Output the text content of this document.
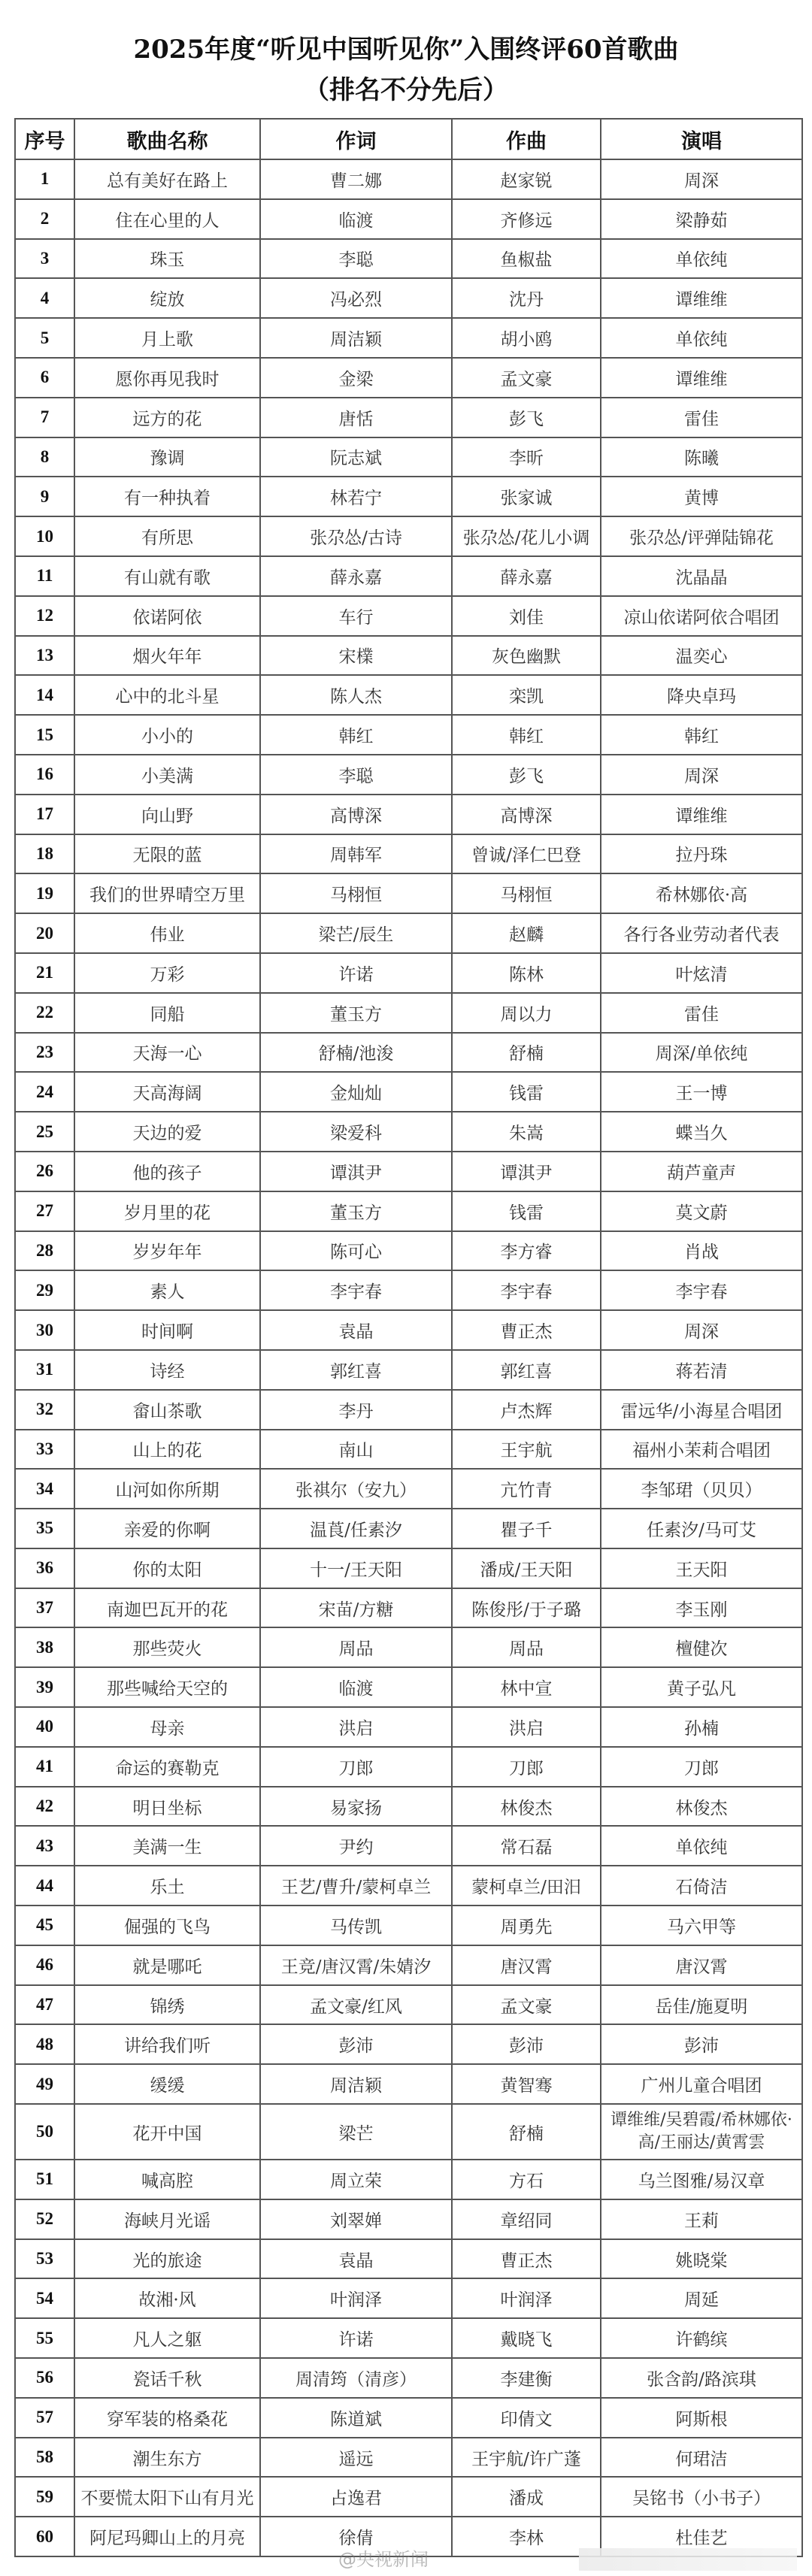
2025年度“听见中国听见你”入围终评60首歌曲
（排名不分先后）
序号	歌曲名称	作词	作曲	演唱
1	总有美好在路上	曹二娜	赵家锐	周深
2	住在心里的人	临渡	齐修远	梁静茹
3	珠玉	李聪	鱼椒盐	单依纯
4	绽放	冯必烈	沈丹	谭维维
5	月上歌	周洁颖	胡小鸥	单依纯
6	愿你再见我时	金梁	孟文豪	谭维维
7	远方的花	唐恬	彭飞	雷佳
8	豫调	阮志斌	李昕	陈曦
9	有一种执着	林若宁	张家诚	黄博
10	有所思	张尕怂/古诗	张尕怂/花儿小调	张尕怂/评弹陆锦花
11	有山就有歌	薛永嘉	薛永嘉	沈晶晶
12	依诺阿依	车行	刘佳	凉山依诺阿依合唱团
13	烟火年年	宋檏	灰色幽默	温奕心
14	心中的北斗星	陈人杰	栾凯	降央卓玛
15	小小的	韩红	韩红	韩红
16	小美满	李聪	彭飞	周深
17	向山野	高博深	高博深	谭维维
18	无限的蓝	周韩军	曾诚/泽仁巴登	拉丹珠
19	我们的世界晴空万里	马栩恒	马栩恒	希林娜依·高
20	伟业	梁芒/辰生	赵麟	各行各业劳动者代表
21	万彩	许诺	陈林	叶炫清
22	同船	董玉方	周以力	雷佳
23	天海一心	舒楠/池浚	舒楠	周深/单依纯
24	天高海阔	金灿灿	钱雷	王一博
25	天边的爱	梁爱科	朱嵩	蝶当久
26	他的孩子	谭淇尹	谭淇尹	葫芦童声
27	岁月里的花	董玉方	钱雷	莫文蔚
28	岁岁年年	陈可心	李方睿	肖战
29	素人	李宇春	李宇春	李宇春
30	时间啊	袁晶	曹正杰	周深
31	诗经	郭红喜	郭红喜	蒋若清
32	畲山茶歌	李丹	卢杰辉	雷远华/小海星合唱团
33	山上的花	南山	王宇航	福州小茉莉合唱团
34	山河如你所期	张祺尔（安九）	亢竹青	李邹珺（贝贝）
35	亲爱的你啊	温莨/任素汐	瞿子千	任素汐/马可艾
36	你的太阳	十一/王天阳	潘成/王天阳	王天阳
37	南迦巴瓦开的花	宋苗/方糖	陈俊彤/于子璐	李玉刚
38	那些荧火	周品	周品	檀健次
39	那些喊给天空的	临渡	林中宣	黄子弘凡
40	母亲	洪启	洪启	孙楠
41	命运的赛勒克	刀郎	刀郎	刀郎
42	明日坐标	易家扬	林俊杰	林俊杰
43	美满一生	尹约	常石磊	单依纯
44	乐土	王艺/曹升/蒙柯卓兰	蒙柯卓兰/田汨	石倚洁
45	倔强的飞鸟	马传凯	周勇先	马六甲等
46	就是哪吒	王竞/唐汉霄/朱婧汐	唐汉霄	唐汉霄
47	锦绣	孟文豪/红风	孟文豪	岳佳/施夏明
48	讲给我们听	彭沛	彭沛	彭沛
49	缓缓	周洁颖	黄智骞	广州儿童合唱团
50	花开中国	梁芒	舒楠	谭维维/吴碧霞/希林娜依·高/王丽达/黄霄雲
51	喊高腔	周立荣	方石	乌兰图雅/易汉章
52	海峡月光谣	刘翠婵	章绍同	王莉
53	光的旅途	袁晶	曹正杰	姚晓棠
54	故湘·风	叶润泽	叶润泽	周延
55	凡人之躯	许诺	戴晓飞	许鹤缤
56	瓷话千秋	周清筠（清彦）	李建衡	张含韵/路滨琪
57	穿军装的格桑花	陈道斌	印倩文	阿斯根
58	潮生东方	遥远	王宇航/许广蓬	何珺洁
59	不要慌太阳下山有月光	占逸君	潘成	吴铭书（小书子）
60	阿尼玛卿山上的月亮	徐倩	李林	杜佳艺
@央视新闻
